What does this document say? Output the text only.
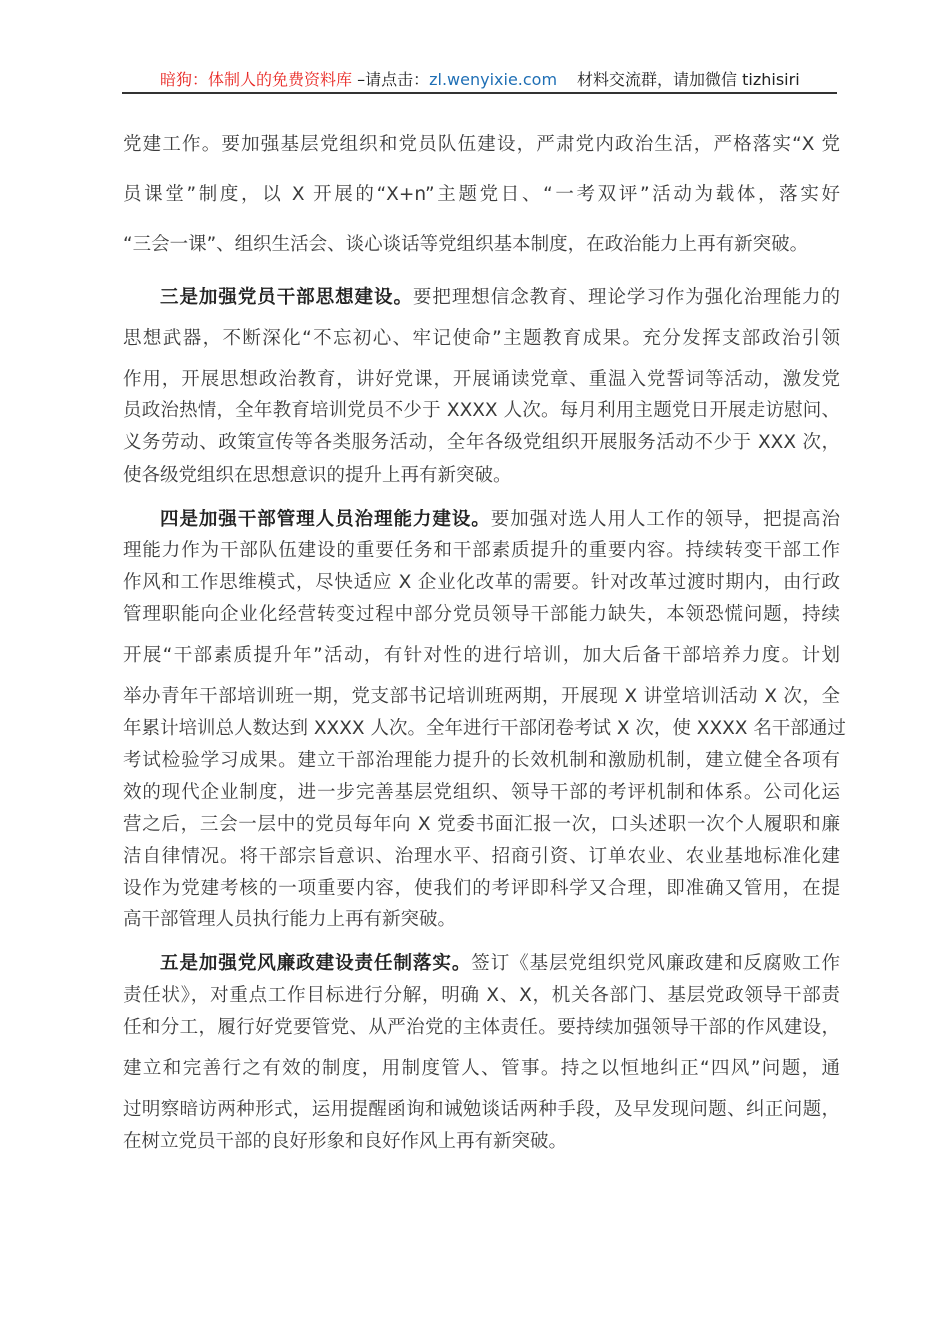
暗狗：体制人的免费资料库 –请点击：zl.wenyixie.com 材料交流群，请加微信 tizhisiri
党建工作。要加强基层党组织和党员队伍建设，严肃党内政治生活，严格落实“X 党
员课堂”制度，以 X 开展的“X+n”主题党日、“一考双评”活动为载体，落实好
“三会一课”、组织生活会、谈心谈话等党组织基本制度，在政治能力上再有新突破。
三是加强党员干部思想建设。要把理想信念教育、理论学习作为强化治理能力的
思想武器，不断深化“不忘初心、牢记使命”主题教育成果。充分发挥支部政治引领
作用，开展思想政治教育，讲好党课，开展诵读党章、重温入党誓词等活动，激发党
员政治热情，全年教育培训党员不少于 XXXX 人次。每月利用主题党日开展走访慰问、
义务劳动、政策宣传等各类服务活动，全年各级党组织开展服务活动不少于 XXX 次，
使各级党组织在思想意识的提升上再有新突破。
四是加强干部管理人员治理能力建设。要加强对选人用人工作的领导，把提高治
理能力作为干部队伍建设的重要任务和干部素质提升的重要内容。持续转变干部工作
作风和工作思维模式，尽快适应 X 企业化改革的需要。针对改革过渡时期内，由行政
管理职能向企业化经营转变过程中部分党员领导干部能力缺失，本领恐慌问题，持续
开展“干部素质提升年”活动，有针对性的进行培训，加大后备干部培养力度。计划
举办青年干部培训班一期，党支部书记培训班两期，开展现 X 讲堂培训活动 X 次，全
年累计培训总人数达到 XXXX 人次。全年进行干部闭卷考试 X 次，使 XXXX 名干部通过
考试检验学习成果。建立干部治理能力提升的长效机制和激励机制，建立健全各项有
效的现代企业制度，进一步完善基层党组织、领导干部的考评机制和体系。公司化运
营之后，三会一层中的党员每年向 X 党委书面汇报一次，口头述职一次个人履职和廉
洁自律情况。将干部宗旨意识、治理水平、招商引资、订单农业、农业基地标准化建
设作为党建考核的一项重要内容，使我们的考评即科学又合理，即准确又管用，在提
高干部管理人员执行能力上再有新突破。
五是加强党风廉政建设责任制落实。签订《基层党组织党风廉政建和反腐败工作
责任状》，对重点工作目标进行分解，明确 X、X，机关各部门、基层党政领导干部责
任和分工，履行好党要管党、从严治党的主体责任。要持续加强领导干部的作风建设，
建立和完善行之有效的制度，用制度管人、管事。持之以恒地纠正“四风”问题，通
过明察暗访两种形式，运用提醒函询和诫勉谈话两种手段，及早发现问题、纠正问题，
在树立党员干部的良好形象和良好作风上再有新突破。
